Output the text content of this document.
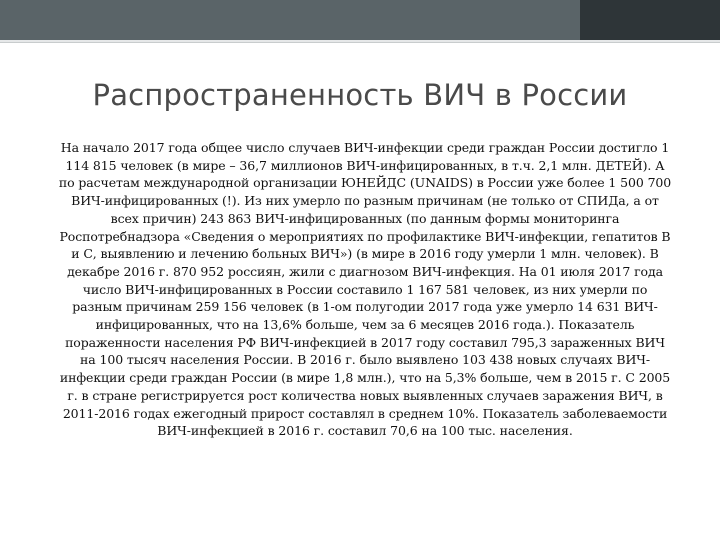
Распространенность ВИЧ в России

На начало 2017 года общее число случаев ВИЧ-инфекции среди граждан России достигло 1 114 815 человек (в мире – 36,7 миллионов ВИЧ-инфицированных, в т.ч. 2,1 млн. ДЕТЕЙ). А по расчетам международной организации ЮНЕЙДС (UNAIDS) в России уже более 1 500 700 ВИЧ-инфицированных (!). Из них умерло по разным причинам (не только от СПИДа, а от всех причин) 243 863 ВИЧ-инфицированных (по данным формы мониторинга Роспотребнадзора «Сведения о мероприятиях по профилактике ВИЧ-инфекции, гепатитов В и С, выявлению и лечению больных ВИЧ») (в мире в 2016 году умерли 1 млн. человек). В декабре 2016 г. 870 952 россиян, жили с диагнозом ВИЧ-инфекция. На 01 июля 2017 года число ВИЧ-инфицированных в России составило 1 167 581 человек, из них умерли по разным причинам 259 156 человек (в 1-ом полугодии 2017 года уже умерло 14 631 ВИЧ-инфицированных, что на 13,6% больше, чем за 6 месяцев 2016 года.). Показатель пораженности населения РФ ВИЧ-инфекцией в 2017 году составил 795,3 зараженных ВИЧ на 100 тысяч населения России. В 2016 г. было выявлено 103 438 новых случаях ВИЧ-инфекции среди граждан России (в мире 1,8 млн.), что на 5,3% больше, чем в 2015 г. С 2005 г. в стране регистрируется рост количества новых выявленных случаев заражения ВИЧ, в 2011-2016 годах ежегодный прирост составлял в среднем 10%. Показатель заболеваемости ВИЧ-инфекцией в 2016 г. составил 70,6 на 100 тыс. населения.
